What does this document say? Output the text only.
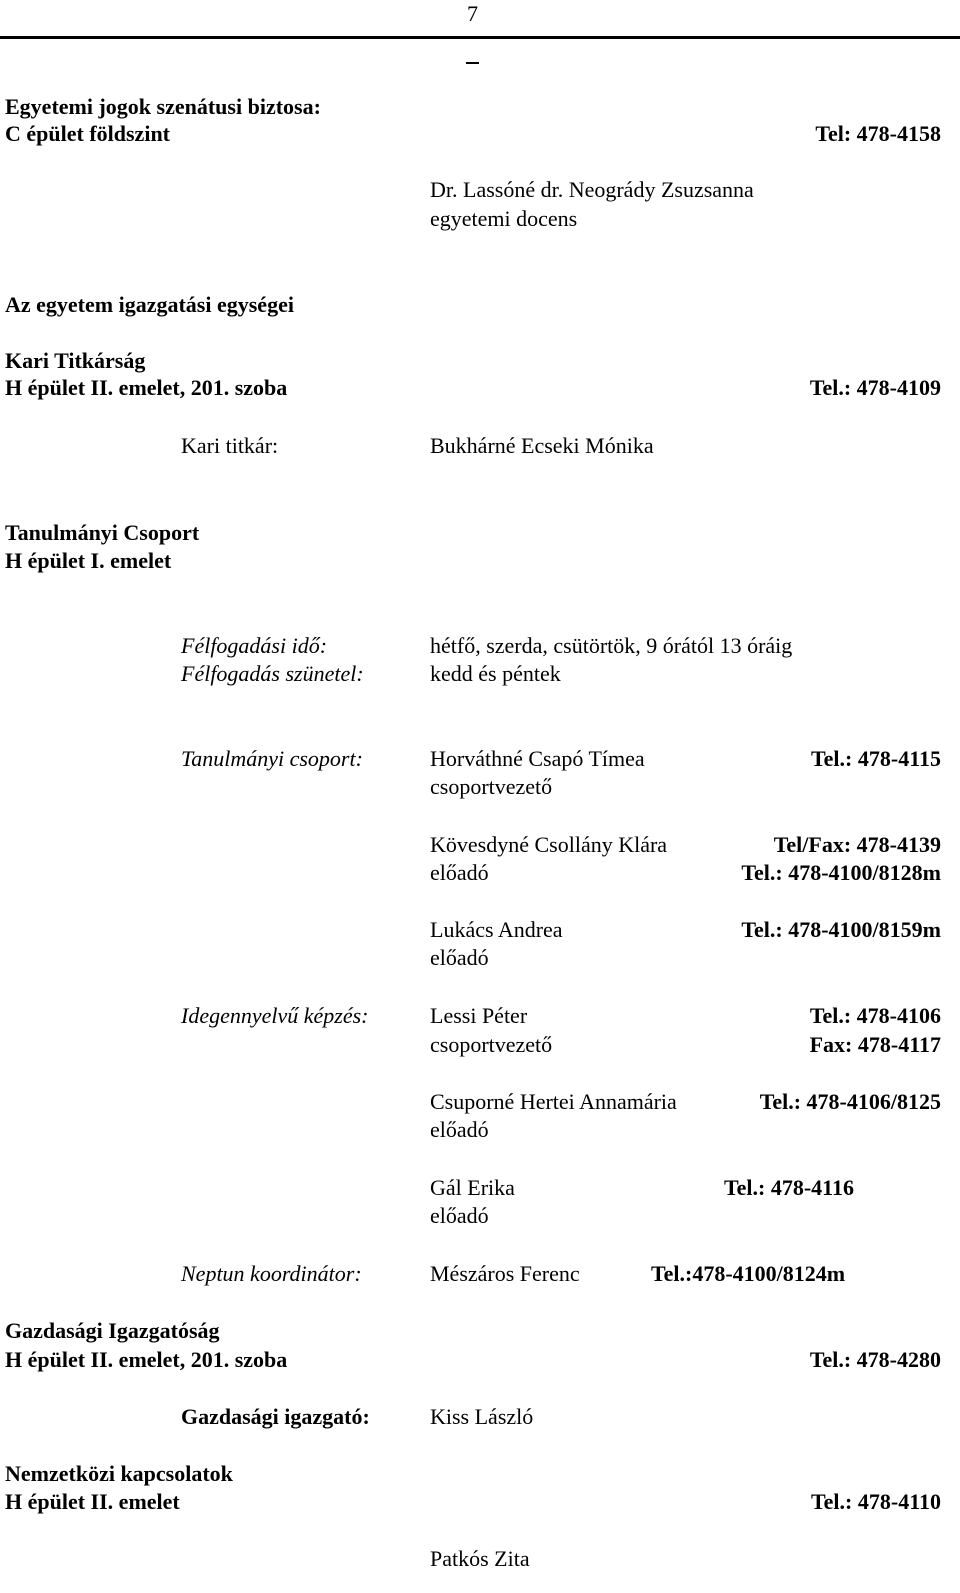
7
Egyetemi jogok szenátusi biztosa:
C épület földszint	Tel: 478-4158
Dr. Lassóné dr. Neogrády Zsuzsanna
egyetemi docens
Az egyetem igazgatási egységei
Kari Titkárság
H épület II. emelet, 201. szoba	Tel.: 478-4109
Kari titkár:	Bukhárné Ecseki Mónika
Tanulmányi Csoport
H épület I. emelet
Félfogadási idő:	hétfő, szerda, csütörtök, 9 órától 13 óráig
Félfogadás szünetel:	kedd és péntek
Tanulmányi csoport:	Horváthné Csapó Tímea	Tel.: 478-4115
csoportvezető
Kövesdyné Csollány Klára	Tel/Fax: 478-4139
előadó	Tel.: 478-4100/8128m
Lukács Andrea	Tel.: 478-4100/8159m
előadó
Idegennyelvű képzés:	Lessi Péter	Tel.: 478-4106
csoportvezető	Fax: 478-4117
Csuporné Hertei Annamária	Tel.: 478-4106/8125
előadó
Gál Erika	Tel.: 478-4116
előadó
Neptun koordinátor:	Mészáros Ferenc	Tel.:478-4100/8124m
Gazdasági Igazgatóság
H épület II. emelet, 201. szoba	Tel.: 478-4280
Gazdasági igazgató:	Kiss László
Nemzetközi kapcsolatok
H épület II. emelet	Tel.: 478-4110
Patkós Zita
